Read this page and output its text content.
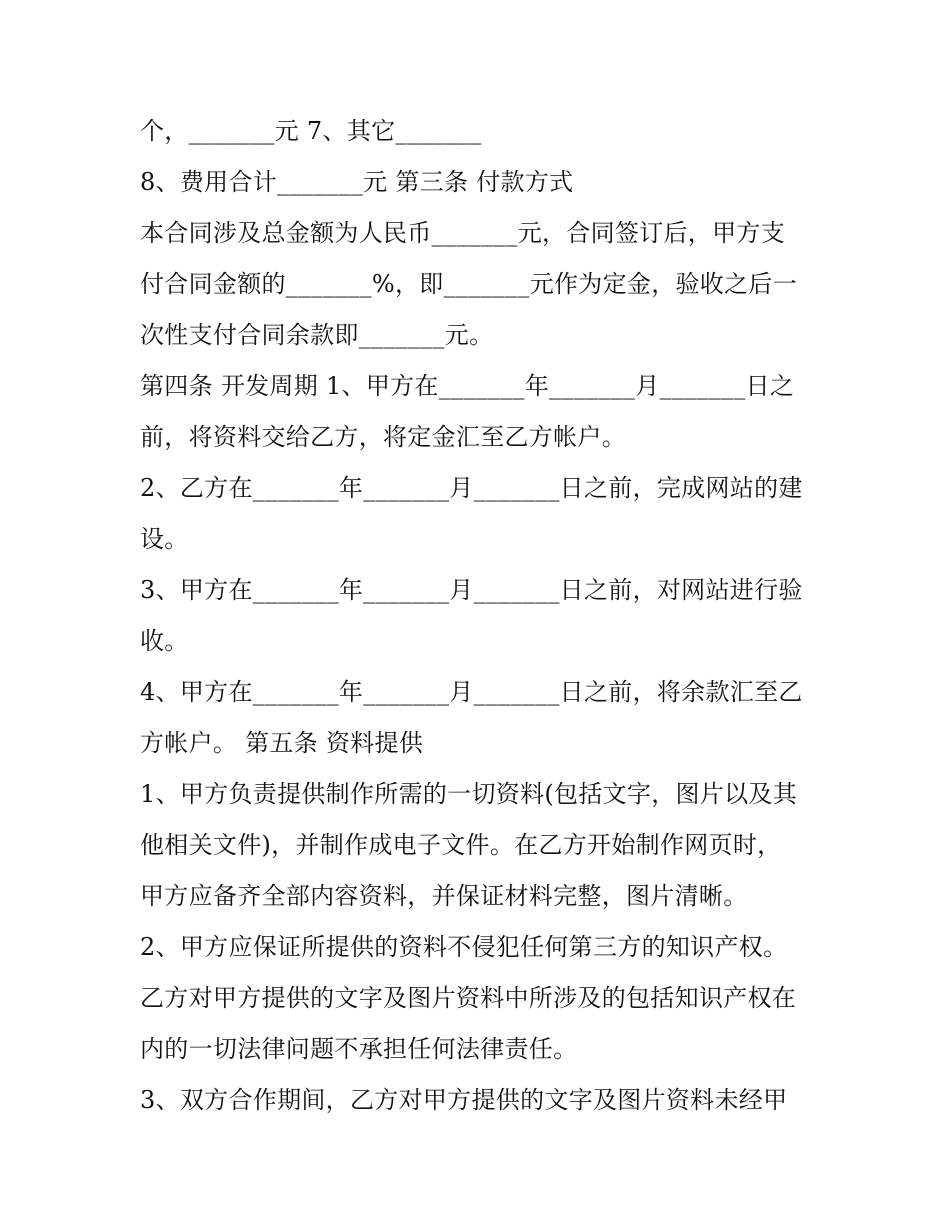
个，_______元 7、其它_______
8、费用合计_______元 第三条 付款方式
本合同涉及总金额为人民币_______元，合同签订后，甲方支
付合同金额的_______%，即_______元作为定金，验收之后一
次性支付合同余款即_______元。
第四条 开发周期 1、甲方在_______年_______月_______日之
前，将资料交给乙方，将定金汇至乙方帐户。
2、乙方在_______年_______月_______日之前，完成网站的建
设。
3、甲方在_______年_______月_______日之前，对网站进行验
收。
4、甲方在_______年_______月_______日之前，将余款汇至乙
方帐户。 第五条 资料提供
1、甲方负责提供制作所需的一切资料(包括文字，图片以及其
他相关文件)，并制作成电子文件。在乙方开始制作网页时，
甲方应备齐全部内容资料，并保证材料完整，图片清晰。
2、甲方应保证所提供的资料不侵犯任何第三方的知识产权。
乙方对甲方提供的文字及图片资料中所涉及的包括知识产权在
内的一切法律问题不承担任何法律责任。
3、双方合作期间，乙方对甲方提供的文字及图片资料未经甲
